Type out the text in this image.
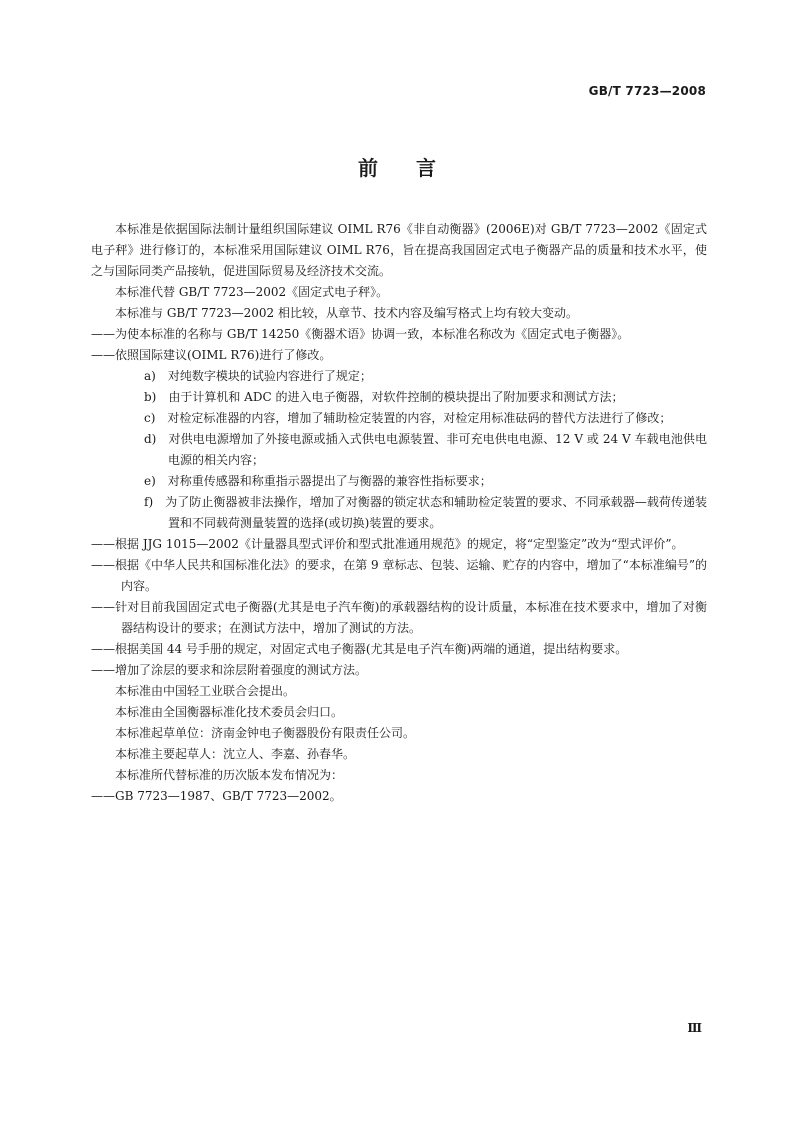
GB/T 7723—2008
前言

本标准是依据国际法制计量组织国际建议 OIML R76《非自动衡器》(2006E)对 GB/T 7723—2002《固定式电子秤》进行修订的，本标准采用国际建议 OIML R76，旨在提高我国固定式电子衡器产品的质量和技术水平，使之与国际同类产品接轨，促进国际贸易及经济技术交流。

本标准代替 GB/T 7723—2002《固定式电子秤》。

本标准与 GB/T 7723—2002 相比较，从章节、技术内容及编写格式上均有较大变动。

——为使本标准的名称与 GB/T 14250《衡器术语》协调一致，本标准名称改为《固定式电子衡器》。

——依照国际建议(OIML R76)进行了修改。

a)　对纯数字模块的试验内容进行了规定；

b)　由于计算机和 ADC 的进入电子衡器，对软件控制的模块提出了附加要求和测试方法；

c)　对检定标准器的内容，增加了辅助检定装置的内容，对检定用标准砝码的替代方法进行了修改；

d)　对供电电源增加了外接电源或插入式供电电源装置、非可充电供电电源、12 V 或 24 V 车载电池供电电源的相关内容；

e)　对称重传感器和称重指示器提出了与衡器的兼容性指标要求；

f)　为了防止衡器被非法操作，增加了对衡器的锁定状态和辅助检定装置的要求、不同承载器—载荷传递装置和不同载荷测量装置的选择(或切换)装置的要求。

——根据 JJG 1015—2002《计量器具型式评价和型式批准通用规范》的规定，将“定型鉴定”改为“型式评价”。

——根据《中华人民共和国标准化法》的要求，在第 9 章标志、包装、运输、贮存的内容中，增加了“本标准编号”的内容。

——针对目前我国固定式电子衡器(尤其是电子汽车衡)的承载器结构的设计质量，本标准在技术要求中，增加了对衡器结构设计的要求；在测试方法中，增加了测试的方法。

——根据美国 44 号手册的规定，对固定式电子衡器(尤其是电子汽车衡)两端的通道，提出结构要求。

——增加了涂层的要求和涂层附着强度的测试方法。

本标准由中国轻工业联合会提出。

本标准由全国衡器标准化技术委员会归口。

本标准起草单位：济南金钟电子衡器股份有限责任公司。

本标准主要起草人：沈立人、李嘉、孙春华。

本标准所代替标准的历次版本发布情况为：

——GB 7723—1987、GB/T 7723—2002。

Ⅲ
